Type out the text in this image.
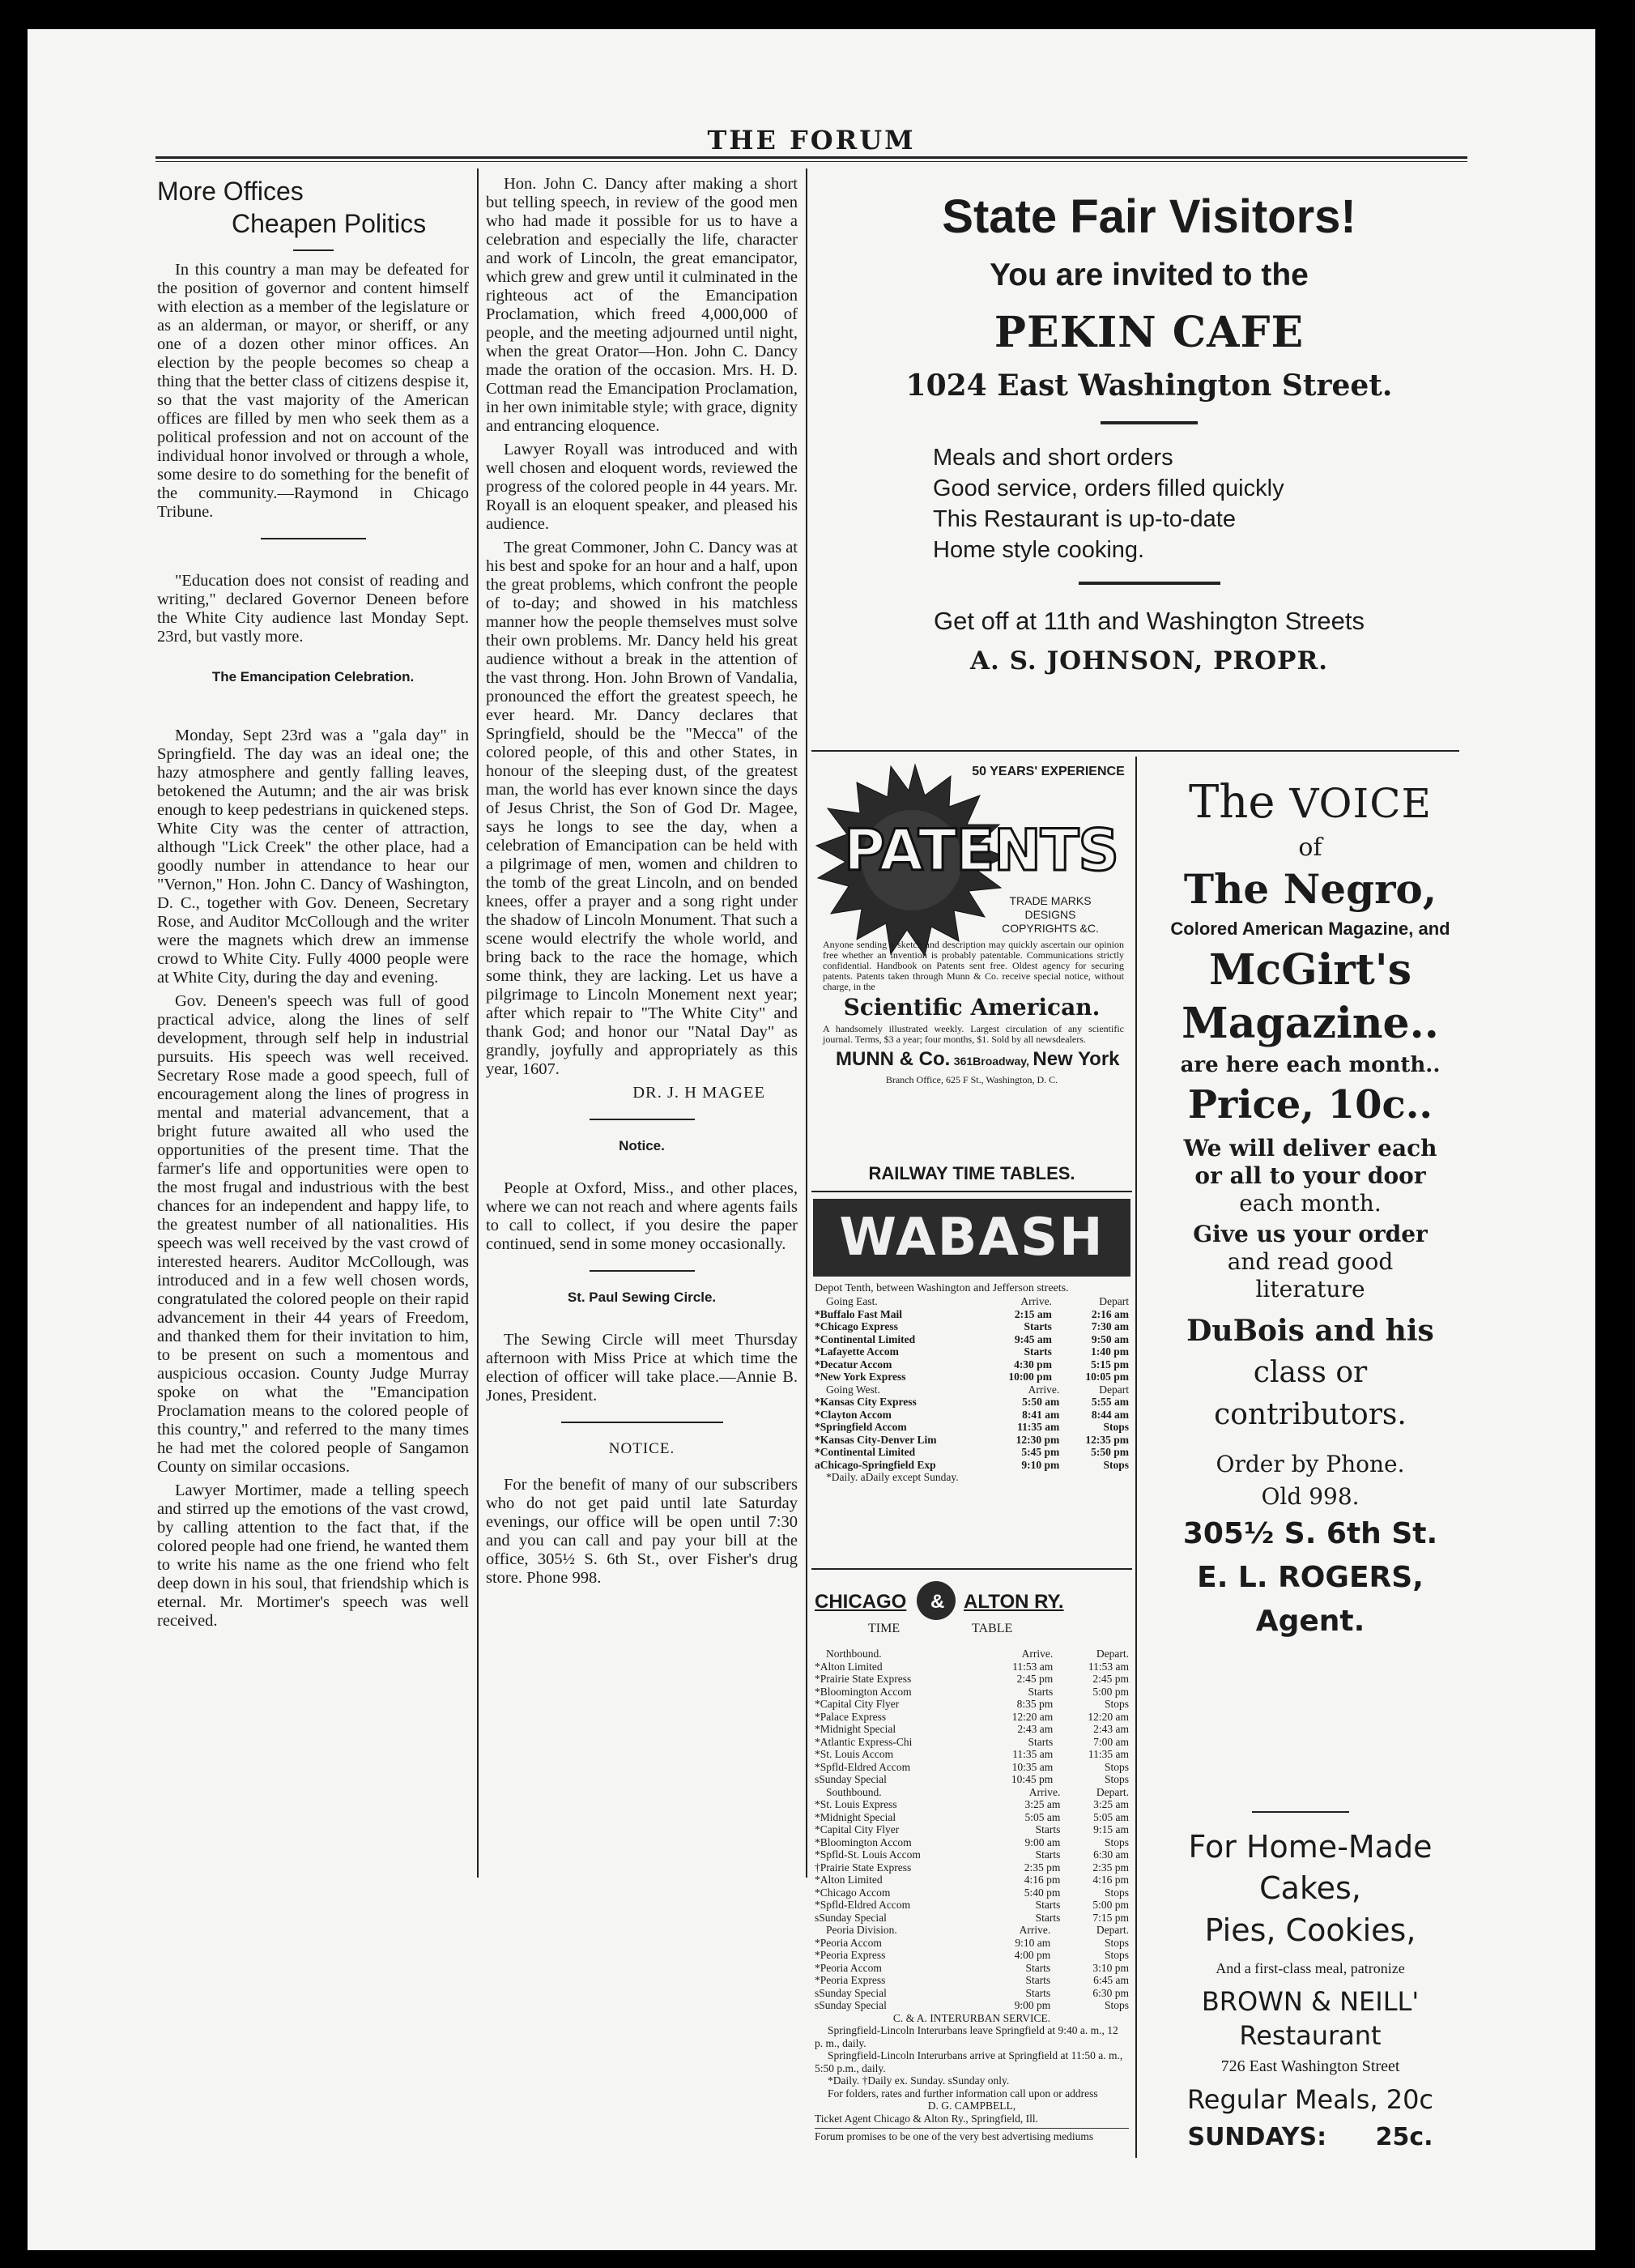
THE FORUM
More Offices
Cheapen Politics

In this country a man may be defeated for the position of governor and content himself with election as a member of the legislature or as an alderman, or mayor, or sheriff, or any one of a dozen other minor offices. An election by the people becomes so cheap a thing that the better class of citizens despise it, so that the vast majority of the American offices are filled by men who seek them as a political profession and not on account of the individual honor involved or through a whole, some desire to do something for the benefit of the community.—Raymond in Chicago Tribune.

"Education does not consist of reading and writing," declared Governor Deneen before the White City audience last Monday Sept. 23rd, but vastly more.

The Emancipation Celebration.

Monday, Sept 23rd was a "gala day" in Springfield. The day was an ideal one; the hazy atmosphere and gently falling leaves, betokened the Autumn; and the air was brisk enough to keep pedestrians in quickened steps. White City was the center of attraction, although "Lick Creek" the other place, had a goodly number in attendance to hear our "Vernon," Hon. John C. Dancy of Washington, D. C., together with Gov. Deneen, Secretary Rose, and Auditor McCollough and the writer were the magnets which drew an immense crowd to White City. Fully 4000 people were at White City, during the day and evening.

Gov. Deneen's speech was full of good practical advice, along the lines of self development, through self help in industrial pursuits. His speech was well received. Secretary Rose made a good speech, full of encouragement along the lines of progress in mental and material advancement, that a bright future awaited all who used the opportunities of the present time. That the farmer's life and opportunities were open to the most frugal and industrious with the best chances for an independent and happy life, to the greatest number of all nationalities. His speech was well received by the vast crowd of interested hearers. Auditor McCollough, was introduced and in a few well chosen words, congratulated the colored people on their rapid advancement in their 44 years of Freedom, and thanked them for their invitation to him, to be present on such a momentous and auspicious occasion. County Judge Murray spoke on what the "Emancipation Proclamation means to the colored people of this country," and referred to the many times he had met the colored people of Sangamon County on similar occasions.

Lawyer Mortimer, made a telling speech and stirred up the emotions of the vast crowd, by calling attention to the fact that, if the colored people had one friend, he wanted them to write his name as the one friend who felt deep down in his soul, that friendship which is eternal. Mr. Mortimer's speech was well received.

Hon. John C. Dancy after making a short but telling speech, in review of the good men who had made it possible for us to have a celebration and especially the life, character and work of Lincoln, the great emancipator, which grew and grew until it culminated in the righteous act of the Emancipation Proclamation, which freed 4,000,000 of people, and the meeting adjourned until night, when the great Orator—Hon. John C. Dancy made the oration of the occasion. Mrs. H. D. Cottman read the Emancipation Proclamation, in her own inimitable style; with grace, dignity and entrancing eloquence.

Lawyer Royall was introduced and with well chosen and eloquent words, reviewed the progress of the colored people in 44 years. Mr. Royall is an eloquent speaker, and pleased his audience.

The great Commoner, John C. Dancy was at his best and spoke for an hour and a half, upon the great problems, which confront the people of to-day; and showed in his matchless manner how the people themselves must solve their own problems. Mr. Dancy held his great audience without a break in the attention of the vast throng. Hon. John Brown of Vandalia, pronounced the effort the greatest speech, he ever heard. Mr. Dancy declares that Springfield, should be the "Mecca" of the colored people, of this and other States, in honour of the sleeping dust, of the greatest man, the world has ever known since the days of Jesus Christ, the Son of God Dr. Magee, says he longs to see the day, when a celebration of Emancipation can be held with a pilgrimage of men, women and children to the tomb of the great Lincoln, and on bended knees, offer a prayer and a song right under the shadow of Lincoln Monument. That such a scene would electrify the whole world, and bring back to the race the homage, which some think, they are lacking. Let us have a pilgrimage to Lincoln Monement next year; after which repair to "The White City" and thank God; and honor our "Natal Day" as grandly, joyfully and appropriately as this year, 1607.

DR. J. H MAGEE
Notice.

People at Oxford, Miss., and other places, where we can not reach and where agents fails to call to collect, if you desire the paper continued, send in some money occasionally.

St. Paul Sewing Circle.

The Sewing Circle will meet Thursday afternoon with Miss Price at which time the election of officer will take place.—Annie B. Jones, President.

NOTICE.

For the benefit of many of our subscribers who do not get paid until late Saturday evenings, our office will be open until 7:30 and you can call and pay your bill at the office, 305½ S. 6th St., over Fisher's drug store. Phone 998.

State Fair Visitors!
You are invited to the
PEKIN CAFE
1024 East Washington Street.
Meals and short orders
Good service, orders filled quickly
This Restaurant is up-to-date
Home style cooking.
Get off at 11th and Washington Streets
A. S. JOHNSON, PROPR.
50 YEARS' EXPERIENCE
PATENTS
TRADE MARKS
DESIGNS
COPYRIGHTS &C.
Anyone sending a sketch and description may quickly ascertain our opinion free whether an invention is probably patentable. Communications strictly confidential. Handbook on Patents sent free. Oldest agency for securing patents. Patents taken through Munn & Co. receive special notice, without charge, in the
Scientific American.
A handsomely illustrated weekly. Largest circulation of any scientific journal. Terms, $3 a year; four months, $1. Sold by all newsdealers.
MUNN & Co. 361Broadway, New York
Branch Office, 625 F St., Washington, D. C.
RAILWAY TIME TABLES.
WABASH
Depot Tenth, between Washington and Jefferson streets.
Going East.	Arrive.	Depart
*Buffalo Fast Mail	2:15 am	2:16 am
*Chicago Express	Starts	7:30 am
*Continental Limited	9:45 am	9:50 am
*Lafayette Accom	Starts	1:40 pm
*Decatur Accom	4:30 pm	5:15 pm
*New York Express	10:00 pm	10:05 pm
Going West.	Arrive.	Depart
*Kansas City Express	5:50 am	5:55 am
*Clayton Accom	8:41 am	8:44 am
*Springfield Accom	11:35 am	Stops
*Kansas City-Denver Lim	12:30 pm	12:35 pm
*Continental Limited	5:45 pm	5:50 pm
aChicago-Springfield Exp	9:10 pm	Stops
*Daily. aDaily except Sunday.
CHICAGO & ALTON RY.
TIME	TABLE
Northbound.	Arrive.	Depart.
*Alton Limited	11:53 am	11:53 am
*Prairie State Express	2:45 pm	2:45 pm
*Bloomington Accom	Starts	5:00 pm
*Capital City Flyer	8:35 pm	Stops
*Palace Express	12:20 am	12:20 am
*Midnight Special	2:43 am	2:43 am
*Atlantic Express-Chi	Starts	7:00 am
*St. Louis Accom	11:35 am	11:35 am
*Spfld-Eldred Accom	10:35 am	Stops
sSunday Special	10:45 pm	Stops
Southbound.	Arrive.	Depart.
*St. Louis Express	3:25 am	3:25 am
*Midnight Special	5:05 am	5:05 am
*Capital City Flyer	Starts	9:15 am
*Bloomington Accom	9:00 am	Stops
*Spfld-St. Louis Accom	Starts	6:30 am
†Prairie State Express	2:35 pm	2:35 pm
*Alton Limited	4:16 pm	4:16 pm
*Chicago Accom	5:40 pm	Stops
*Spfld-Eldred Accom	Starts	5:00 pm
sSunday Special	Starts	7:15 pm
Peoria Division.	Arrive.	Depart.
*Peoria Accom	9:10 am	Stops
*Peoria Express	4:00 pm	Stops
*Peoria Accom	Starts	3:10 pm
*Peoria Express	Starts	6:45 am
sSunday Special	Starts	6:30 pm
sSunday Special	9:00 pm	Stops
C. & A. INTERURBAN SERVICE.
Springfield-Lincoln Interurbans leave Springfield at 9:40 a. m., 12 p. m., daily.
Springfield-Lincoln Interurbans arrive at Springfield at 11:50 a. m., 5:50 p.m., daily.
*Daily. †Daily ex. Sunday. sSunday only.
For folders, rates and further information call upon or address
D. G. CAMPBELL,
Ticket Agent Chicago & Alton Ry., Springfield, Ill.
Forum promises to be one of the very best advertising mediums
The VOICE
of
The Negro,
Colored American Magazine, and
McGirt's
Magazine..
are here each month..
Price, 10c..
We will deliver each
or all to your door
each month.
Give us your order
and read good
literature
DuBois and his
class or
contributors.
Order by Phone.
Old 998.
305½ S. 6th St.
E. L. ROGERS,
Agent.
For Home-Made
Cakes,
Pies, Cookies,
And a first-class meal, patronize
BROWN & NEILL'
Restaurant
726 East Washington Street
Regular Meals, 20c
SUNDAYS: 25c.
